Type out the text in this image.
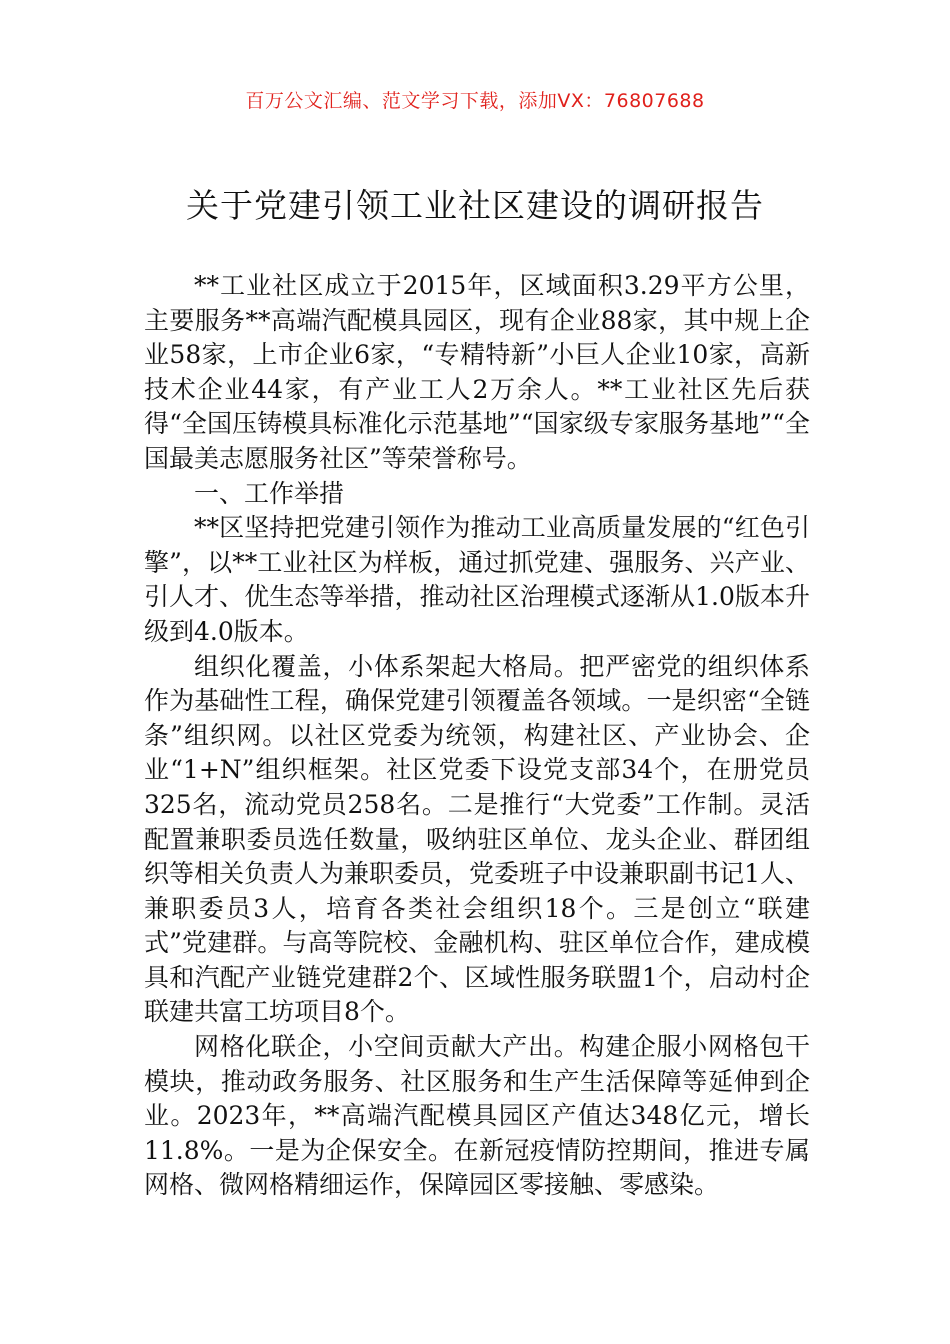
百万公文汇编、范文学习下载，添加VX：76807688
关于党建引领工业社区建设的调研报告

**工业社区成立于2015年，区域面积3.29平方公里，主要服务**高端汽配模具园区，现有企业88家，其中规上企业58家，上市企业6家，“专精特新”小巨人企业10家，高新技术企业44家，有产业工人2万余人。**工业社区先后获得“全国压铸模具标准化示范基地”“国家级专家服务基地”“全国最美志愿服务社区”等荣誉称号。

一、工作举措

**区坚持把党建引领作为推动工业高质量发展的“红色引擎”，以**工业社区为样板，通过抓党建、强服务、兴产业、引人才、优生态等举措，推动社区治理模式逐渐从1.0版本升级到4.0版本。

组织化覆盖，小体系架起大格局。把严密党的组织体系作为基础性工程，确保党建引领覆盖各领域。一是织密“全链条”组织网。以社区党委为统领，构建社区、产业协会、企业“1+N”组织框架。社区党委下设党支部34个，在册党员325名，流动党员258名。二是推行“大党委”工作制。灵活配置兼职委员选任数量，吸纳驻区单位、龙头企业、群团组织等相关负责人为兼职委员，党委班子中设兼职副书记1人、兼职委员3人，培育各类社会组织18个。三是创立“联建式”党建群。与高等院校、金融机构、驻区单位合作，建成模具和汽配产业链党建群2个、区域性服务联盟1个，启动村企联建共富工坊项目8个。

网格化联企，小空间贡献大产出。构建企服小网格包干模块，推动政务服务、社区服务和生产生活保障等延伸到企业。2023年，**高端汽配模具园区产值达348亿元，增长11.8%。一是为企保安全。在新冠疫情防控期间，推进专属网格、微网格精细运作，保障园区零接触、零感染。
